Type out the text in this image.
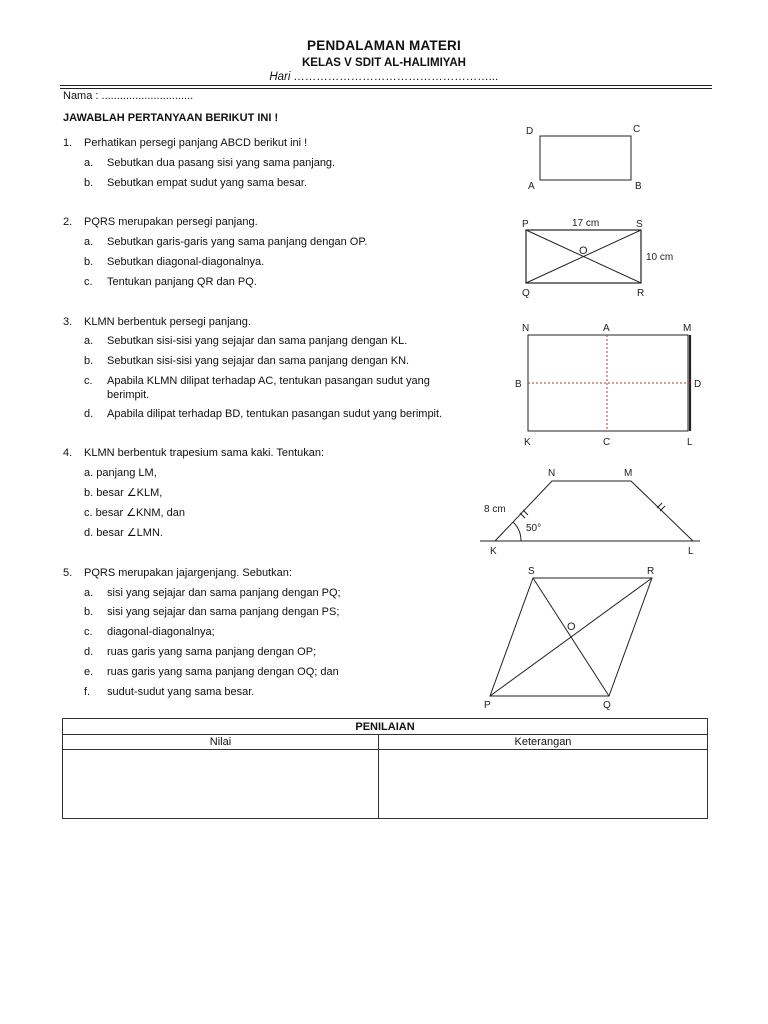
PENDALAMAN MATERI
KELAS V SDIT AL-HALIMIYAH
Hari ……………………………………………...
Nama : ..............................
JAWABLAH PERTANYAAN BERIKUT INI !
1. Perhatikan persegi panjang ABCD berikut ini !
a. Sebutkan dua pasang sisi yang sama panjang.
b. Sebutkan empat sudut yang sama besar.
2. PQRS merupakan persegi panjang.
a. Sebutkan garis-garis yang sama panjang dengan OP.
b. Sebutkan diagonal-diagonalnya.
c. Tentukan panjang QR dan PQ.
3. KLMN berbentuk persegi panjang.
a. Sebutkan sisi-sisi yang sejajar dan sama panjang dengan KL.
b. Sebutkan sisi-sisi yang sejajar dan sama panjang dengan KN.
c. Apabila KLMN dilipat terhadap AC, tentukan pasangan sudut yang
berimpit.
d. Apabila dilipat terhadap BD, tentukan pasangan sudut yang berimpit.
4. KLMN berbentuk trapesium sama kaki. Tentukan:
a. panjang LM,
b. besar ∠KLM,
c. besar ∠KNM, dan
d. besar ∠LMN.
5. PQRS merupakan jajargenjang. Sebutkan:
a. sisi yang sejajar dan sama panjang dengan PQ;
b. sisi yang sejajar dan sama panjang dengan PS;
c. diagonal-diagonalnya;
d. ruas garis yang sama panjang dengan OP;
e. ruas garis yang sama panjang dengan OQ; dan
f. sudut-sudut yang sama besar.
D	C
A	B
P	17 cm	S
O
10 cm
Q	R
N	A	M
B	D
K	C	L
N	M
8 cm
50°
K	L
S	R
O
P	Q
PENILAIAN	
Nilai	Keterangan
